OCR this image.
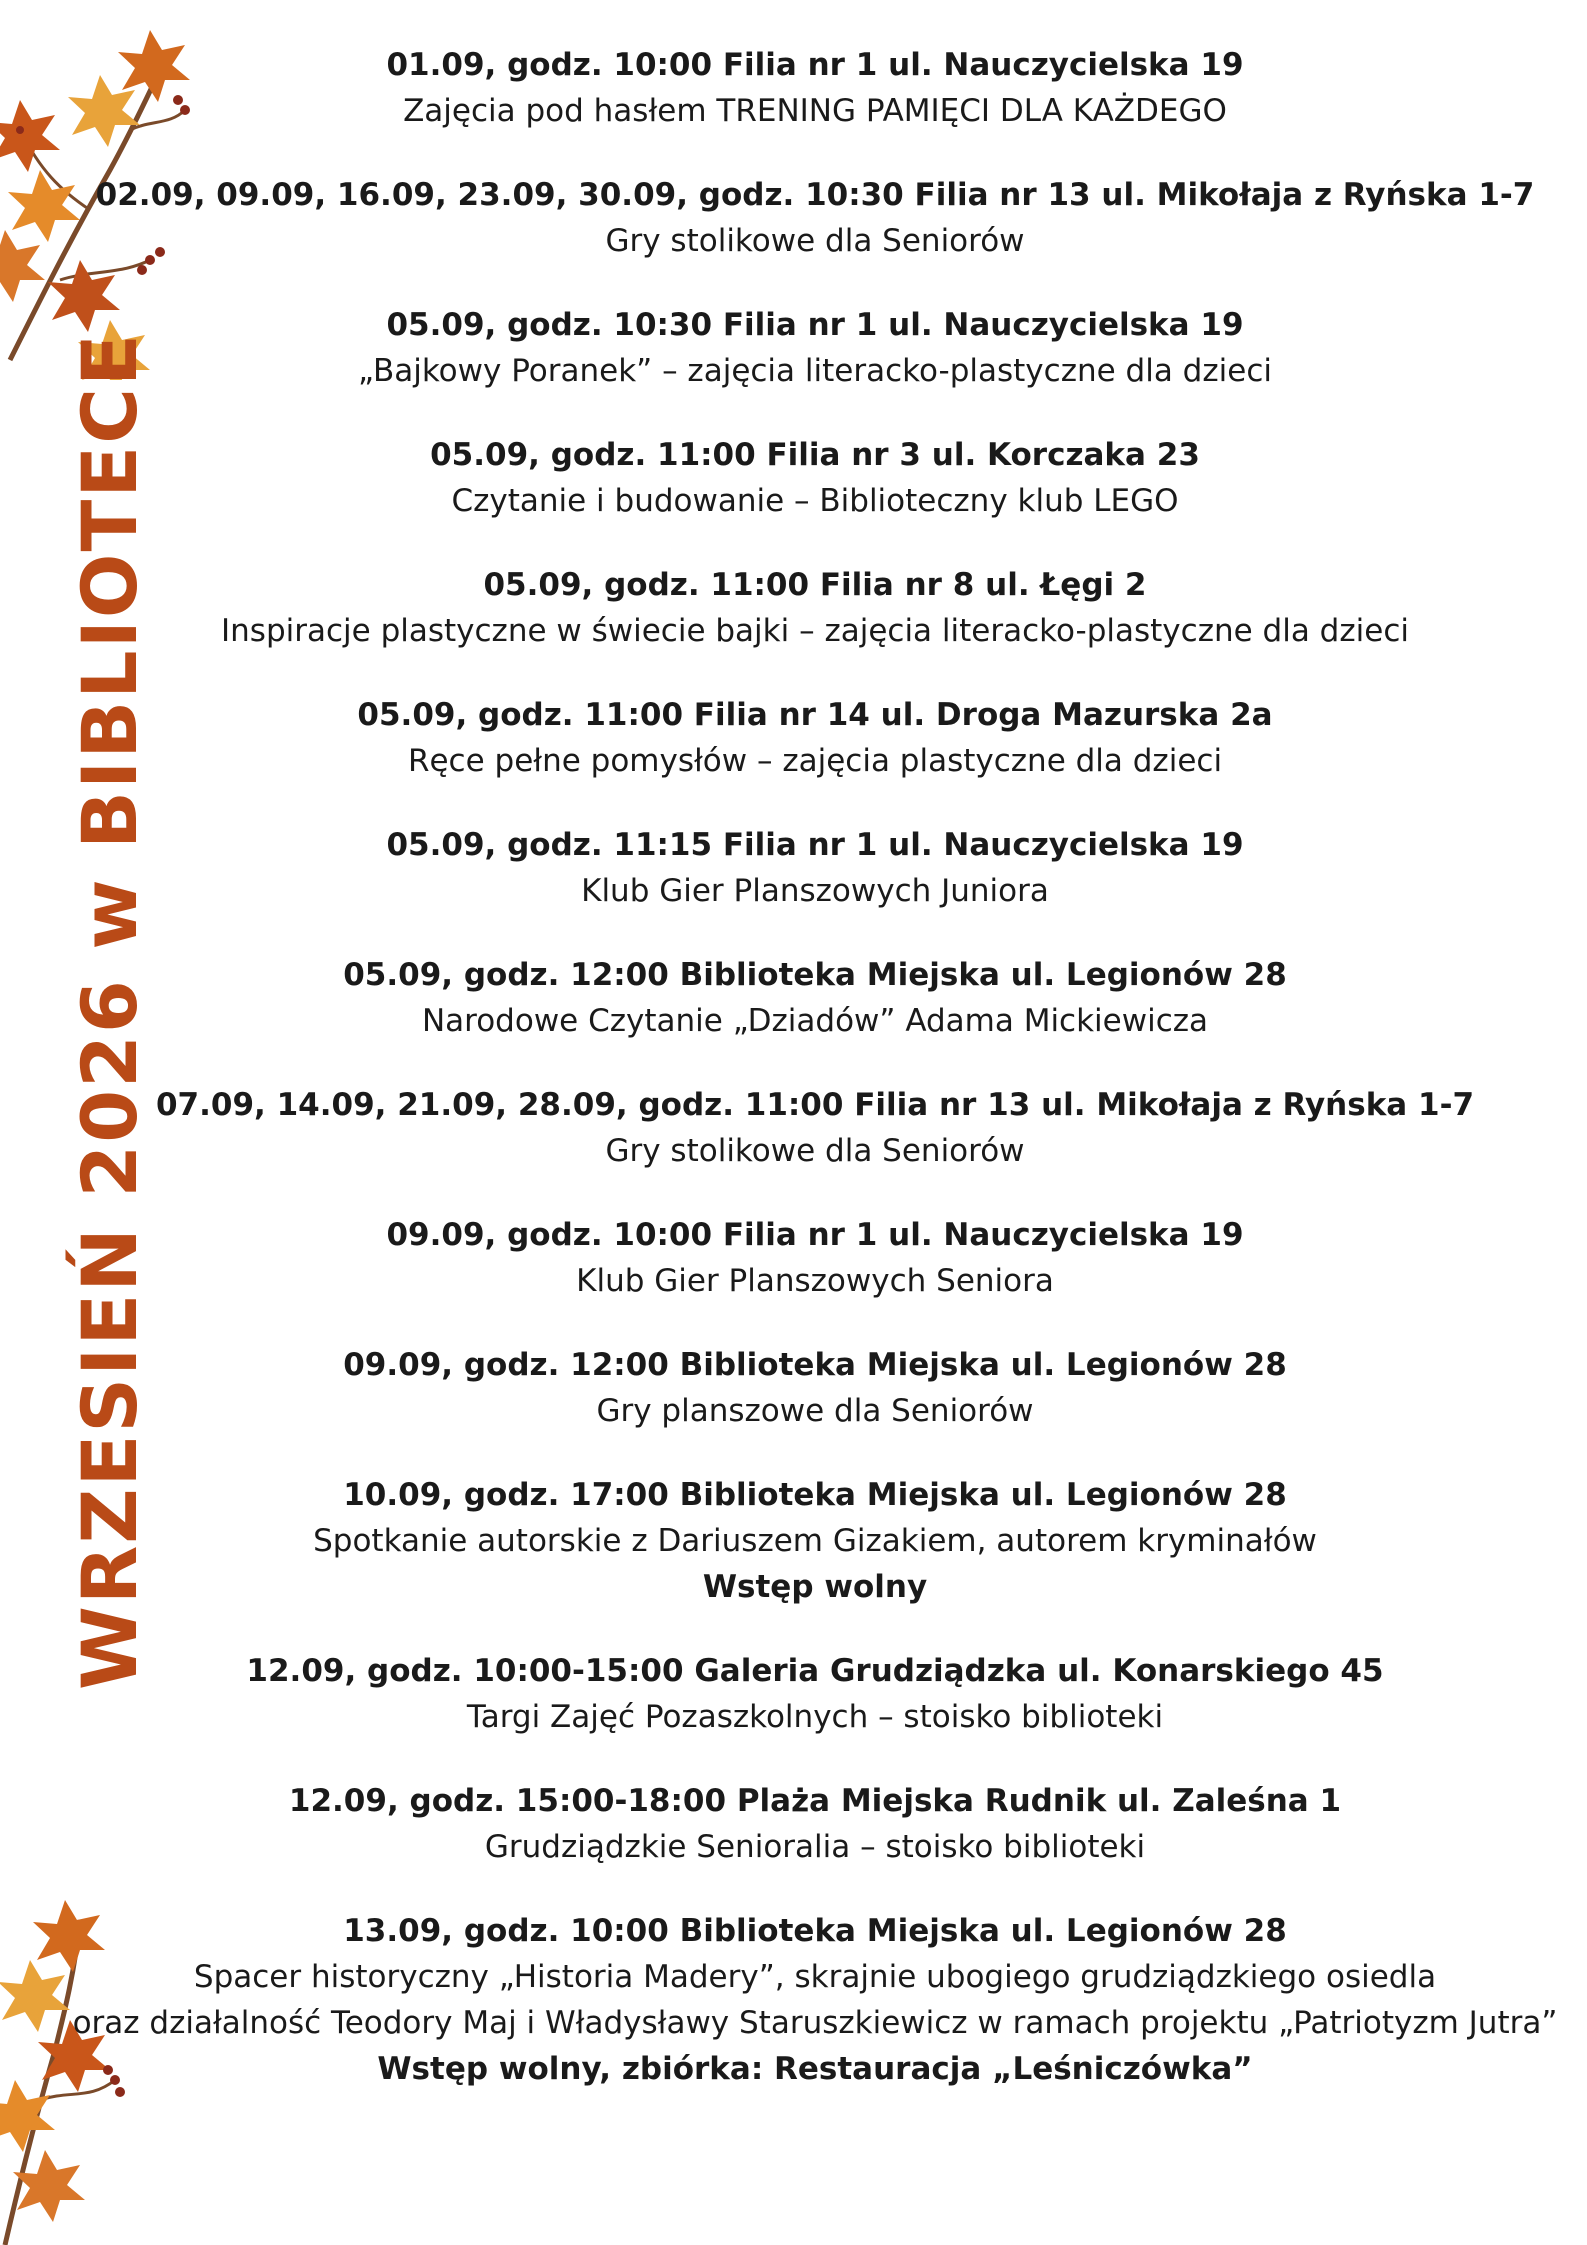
WRZESIEŃ 2026 w BIBLIOTECE
01.09, godz. 10:00 Filia nr 1 ul. Nauczycielska 19
Zajęcia pod hasłem TRENING PAMIĘCI DLA KAŻDEGO
02.09, 09.09, 16.09, 23.09, 30.09, godz. 10:30 Filia nr 13 ul. Mikołaja z Ryńska 1-7
Gry stolikowe dla Seniorów
05.09, godz. 10:30 Filia nr 1 ul. Nauczycielska 19
„Bajkowy Poranek” – zajęcia literacko-plastyczne dla dzieci
05.09, godz. 11:00 Filia nr 3 ul. Korczaka 23
Czytanie i budowanie – Biblioteczny klub LEGO
05.09, godz. 11:00 Filia nr 8 ul. Łęgi 2
Inspiracje plastyczne w świecie bajki – zajęcia literacko-plastyczne dla dzieci
05.09, godz. 11:00 Filia nr 14 ul. Droga Mazurska 2a
Ręce pełne pomysłów – zajęcia plastyczne dla dzieci
05.09, godz. 11:15 Filia nr 1 ul. Nauczycielska 19
Klub Gier Planszowych Juniora
05.09, godz. 12:00 Biblioteka Miejska ul. Legionów 28
Narodowe Czytanie „Dziadów” Adama Mickiewicza
07.09, 14.09, 21.09, 28.09, godz. 11:00 Filia nr 13 ul. Mikołaja z Ryńska 1-7
Gry stolikowe dla Seniorów
09.09, godz. 10:00 Filia nr 1 ul. Nauczycielska 19
Klub Gier Planszowych Seniora
09.09, godz. 12:00 Biblioteka Miejska ul. Legionów 28
Gry planszowe dla Seniorów
10.09, godz. 17:00 Biblioteka Miejska ul. Legionów 28
Spotkanie autorskie z Dariuszem Gizakiem, autorem kryminałów
Wstęp wolny
12.09, godz. 10:00-15:00 Galeria Grudziądzka ul. Konarskiego 45
Targi Zajęć Pozaszkolnych – stoisko biblioteki
12.09, godz. 15:00-18:00 Plaża Miejska Rudnik ul. Zaleśna 1
Grudziądzkie Senioralia – stoisko biblioteki
13.09, godz. 10:00 Biblioteka Miejska ul. Legionów 28
Spacer historyczny „Historia Madery”, skrajnie ubogiego grudziądzkiego osiedla
oraz działalność Teodory Maj i Władysławy Staruszkiewicz w ramach projektu „Patriotyzm Jutra”
Wstęp wolny, zbiórka: Restauracja „Leśniczówka”
